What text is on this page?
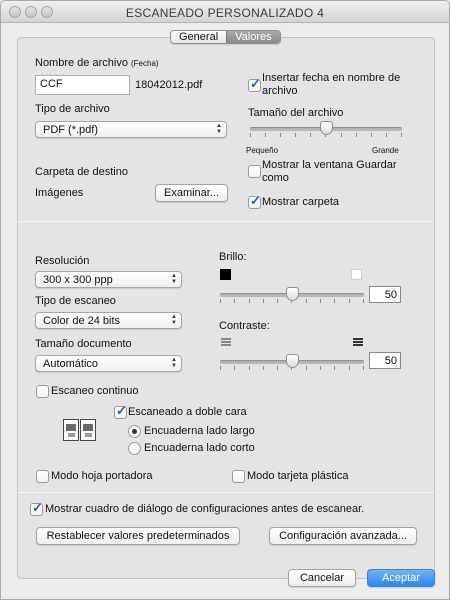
ESCANEADO PERSONALIZADO 4
Nombre de archivo (Fecha)
CCF	18042012.pdf
✓
Insertar fecha en nombre de archivo
Tipo de archivo
PDF (*.pdf)	▲
▼
Tamaño del archivo
Pequeño	Grande
Carpeta de destino
Imágenes	Examinar...
Mostrar la ventana Guardar como
✓
Mostrar carpeta
Resolución
300 x 300 ppp	▲
▼
Tipo de escaneo
Color de 24 bits	▲
▼
Tamaño documento
Automático	▲
▼
Brillo:
50
Contraste:
50
Escaneo continuo
✓
Escaneado a doble cara
Encuaderna lado largo
Encuaderna lado corto
Modo hoja portadora	Modo tarjeta plástica
✓
Mostrar cuadro de diálogo de configuraciones antes de escanear.
Restablecer valores predeterminados	Configuración avanzada...
Cancelar	Aceptar
General	Valores
